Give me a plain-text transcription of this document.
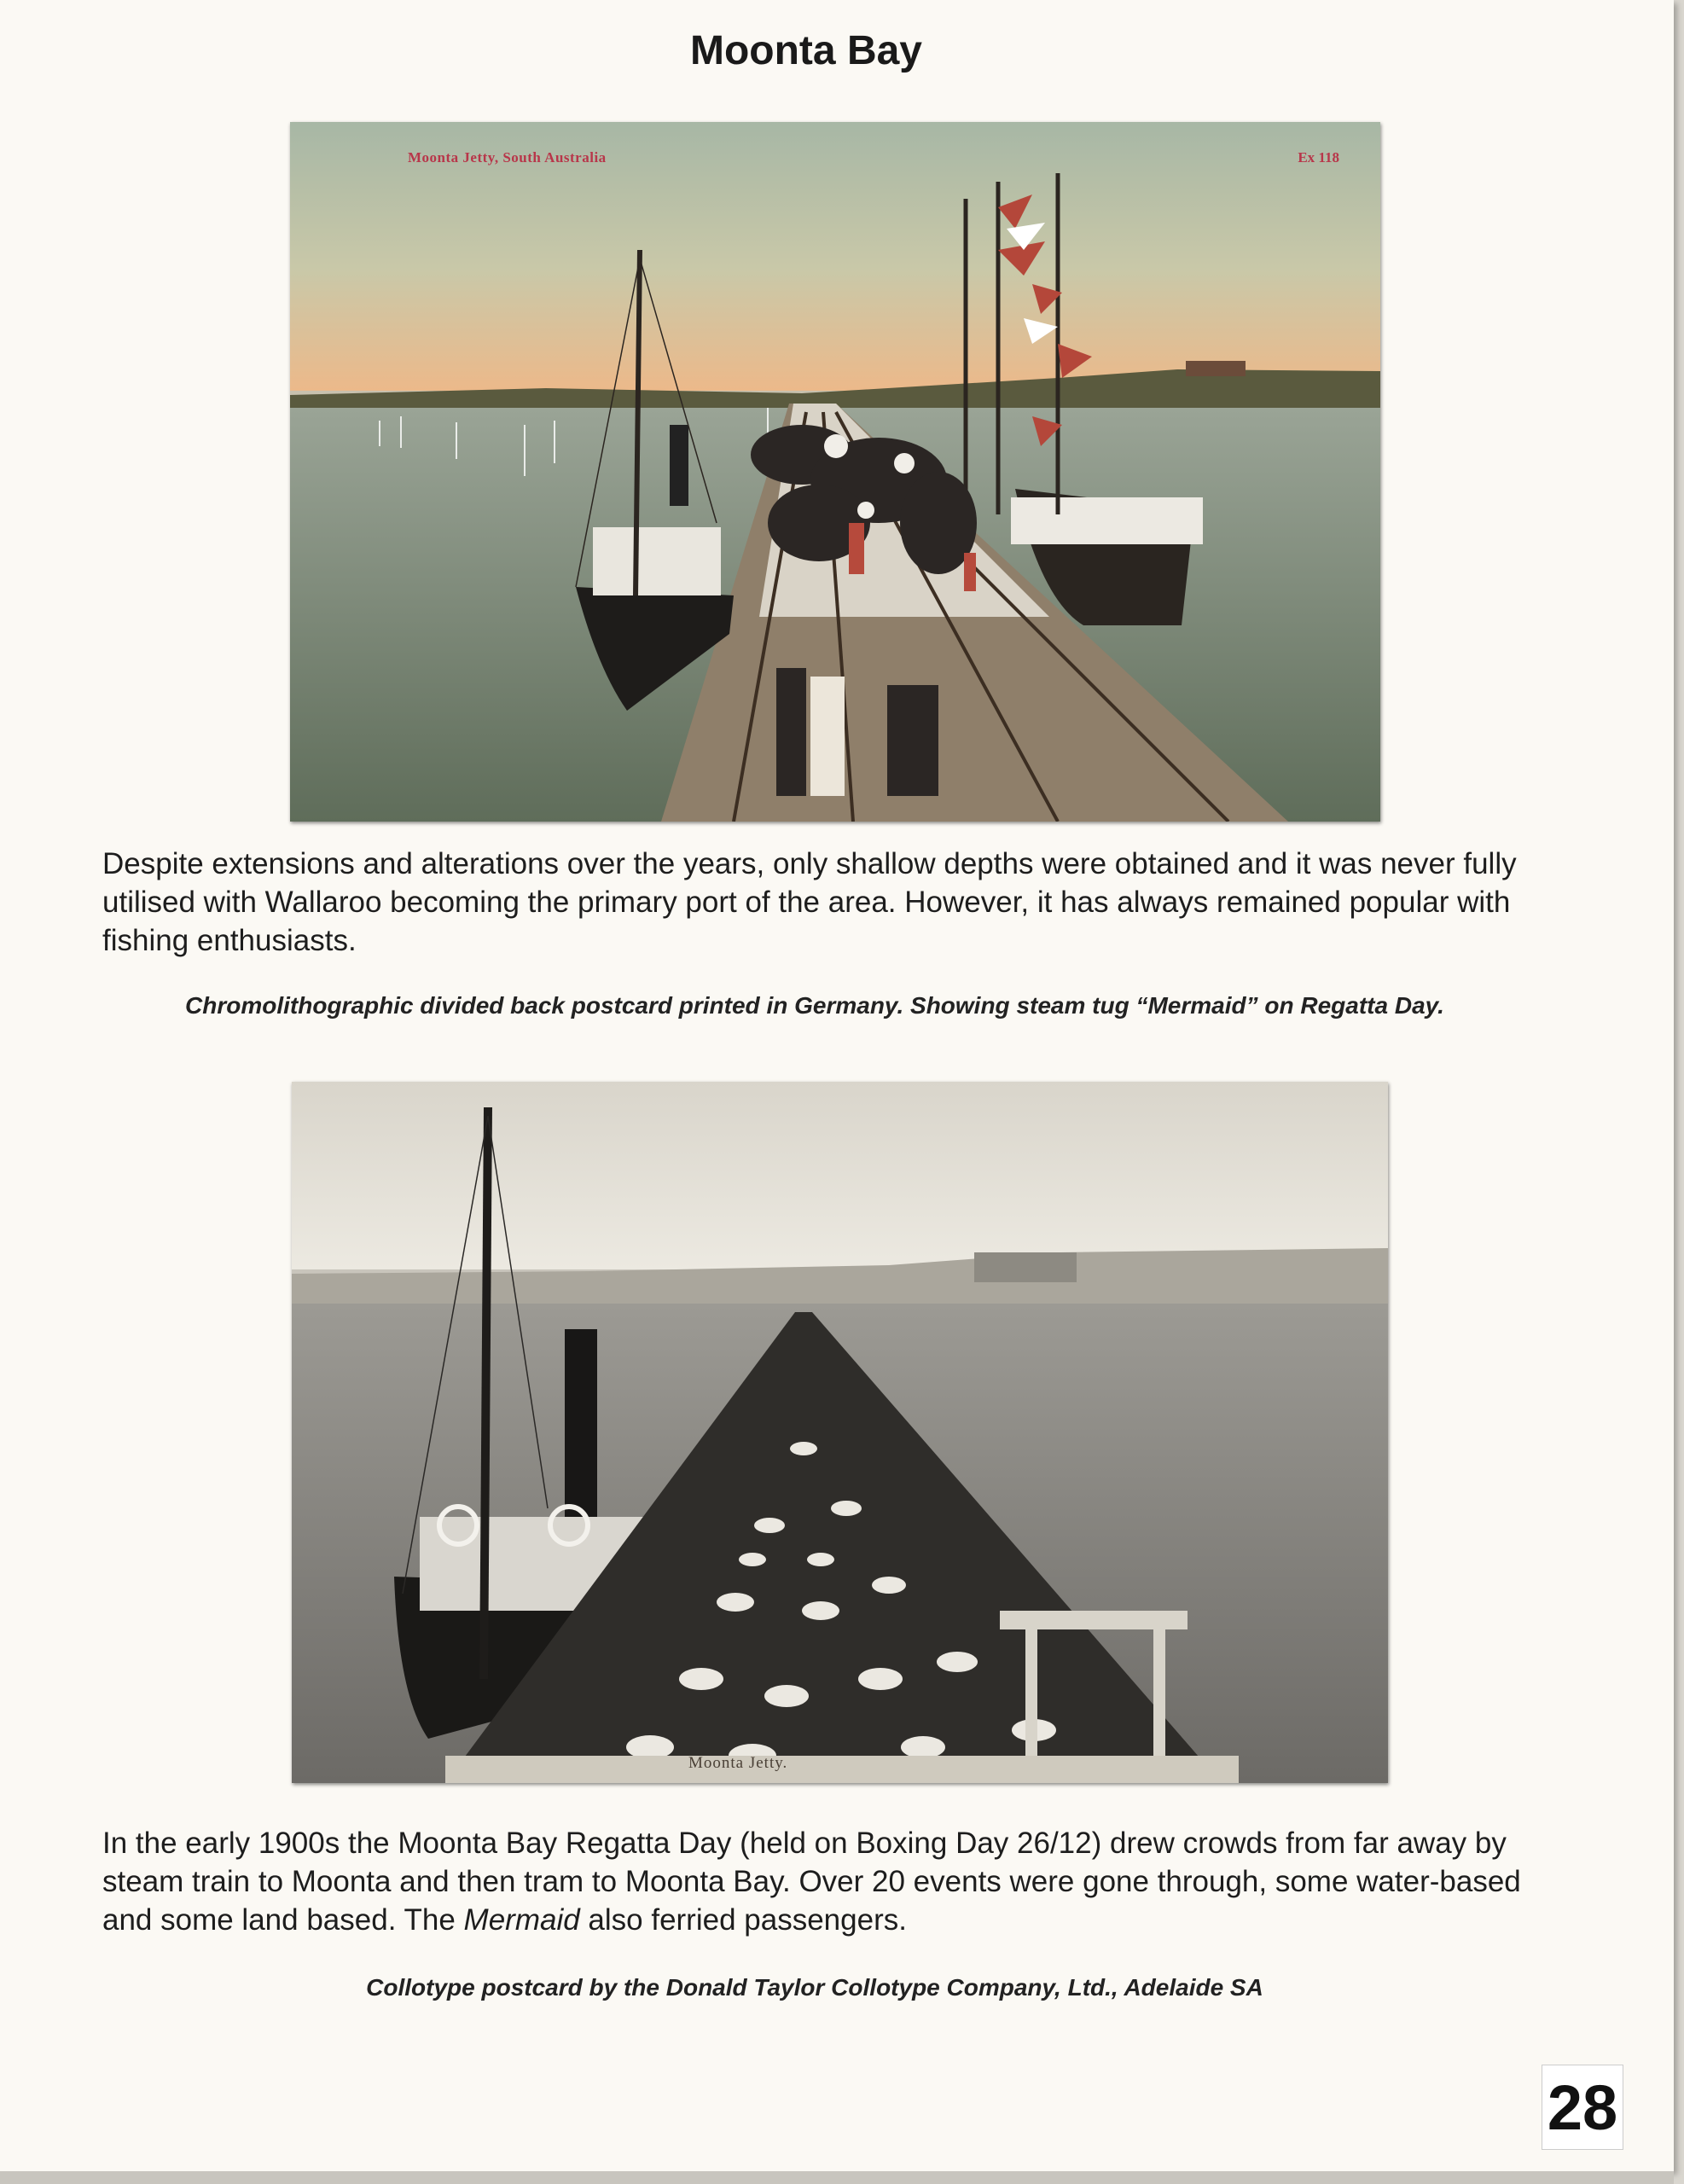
Moonta Bay
Moonta Jetty, South Australia	Ex 118

Despite extensions and alterations over the years, only shallow depths were obtained and it was never fully utilised with Wallaroo becoming the primary port of the area. However, it has always remained popular with fishing enthusiasts.

Chromolithographic divided back postcard printed in Germany. Showing steam tug “Mermaid” on Regatta Day.

Moonta Jetty.

In the early 1900s the Moonta Bay Regatta Day (held on Boxing Day 26/12) drew crowds from far away by steam train to Moonta and then tram to Moonta Bay. Over 20 events were gone through, some water-based and some land based. The Mermaid also ferried passengers.

Collotype postcard by the Donald Taylor Collotype Company, Ltd., Adelaide SA

28
